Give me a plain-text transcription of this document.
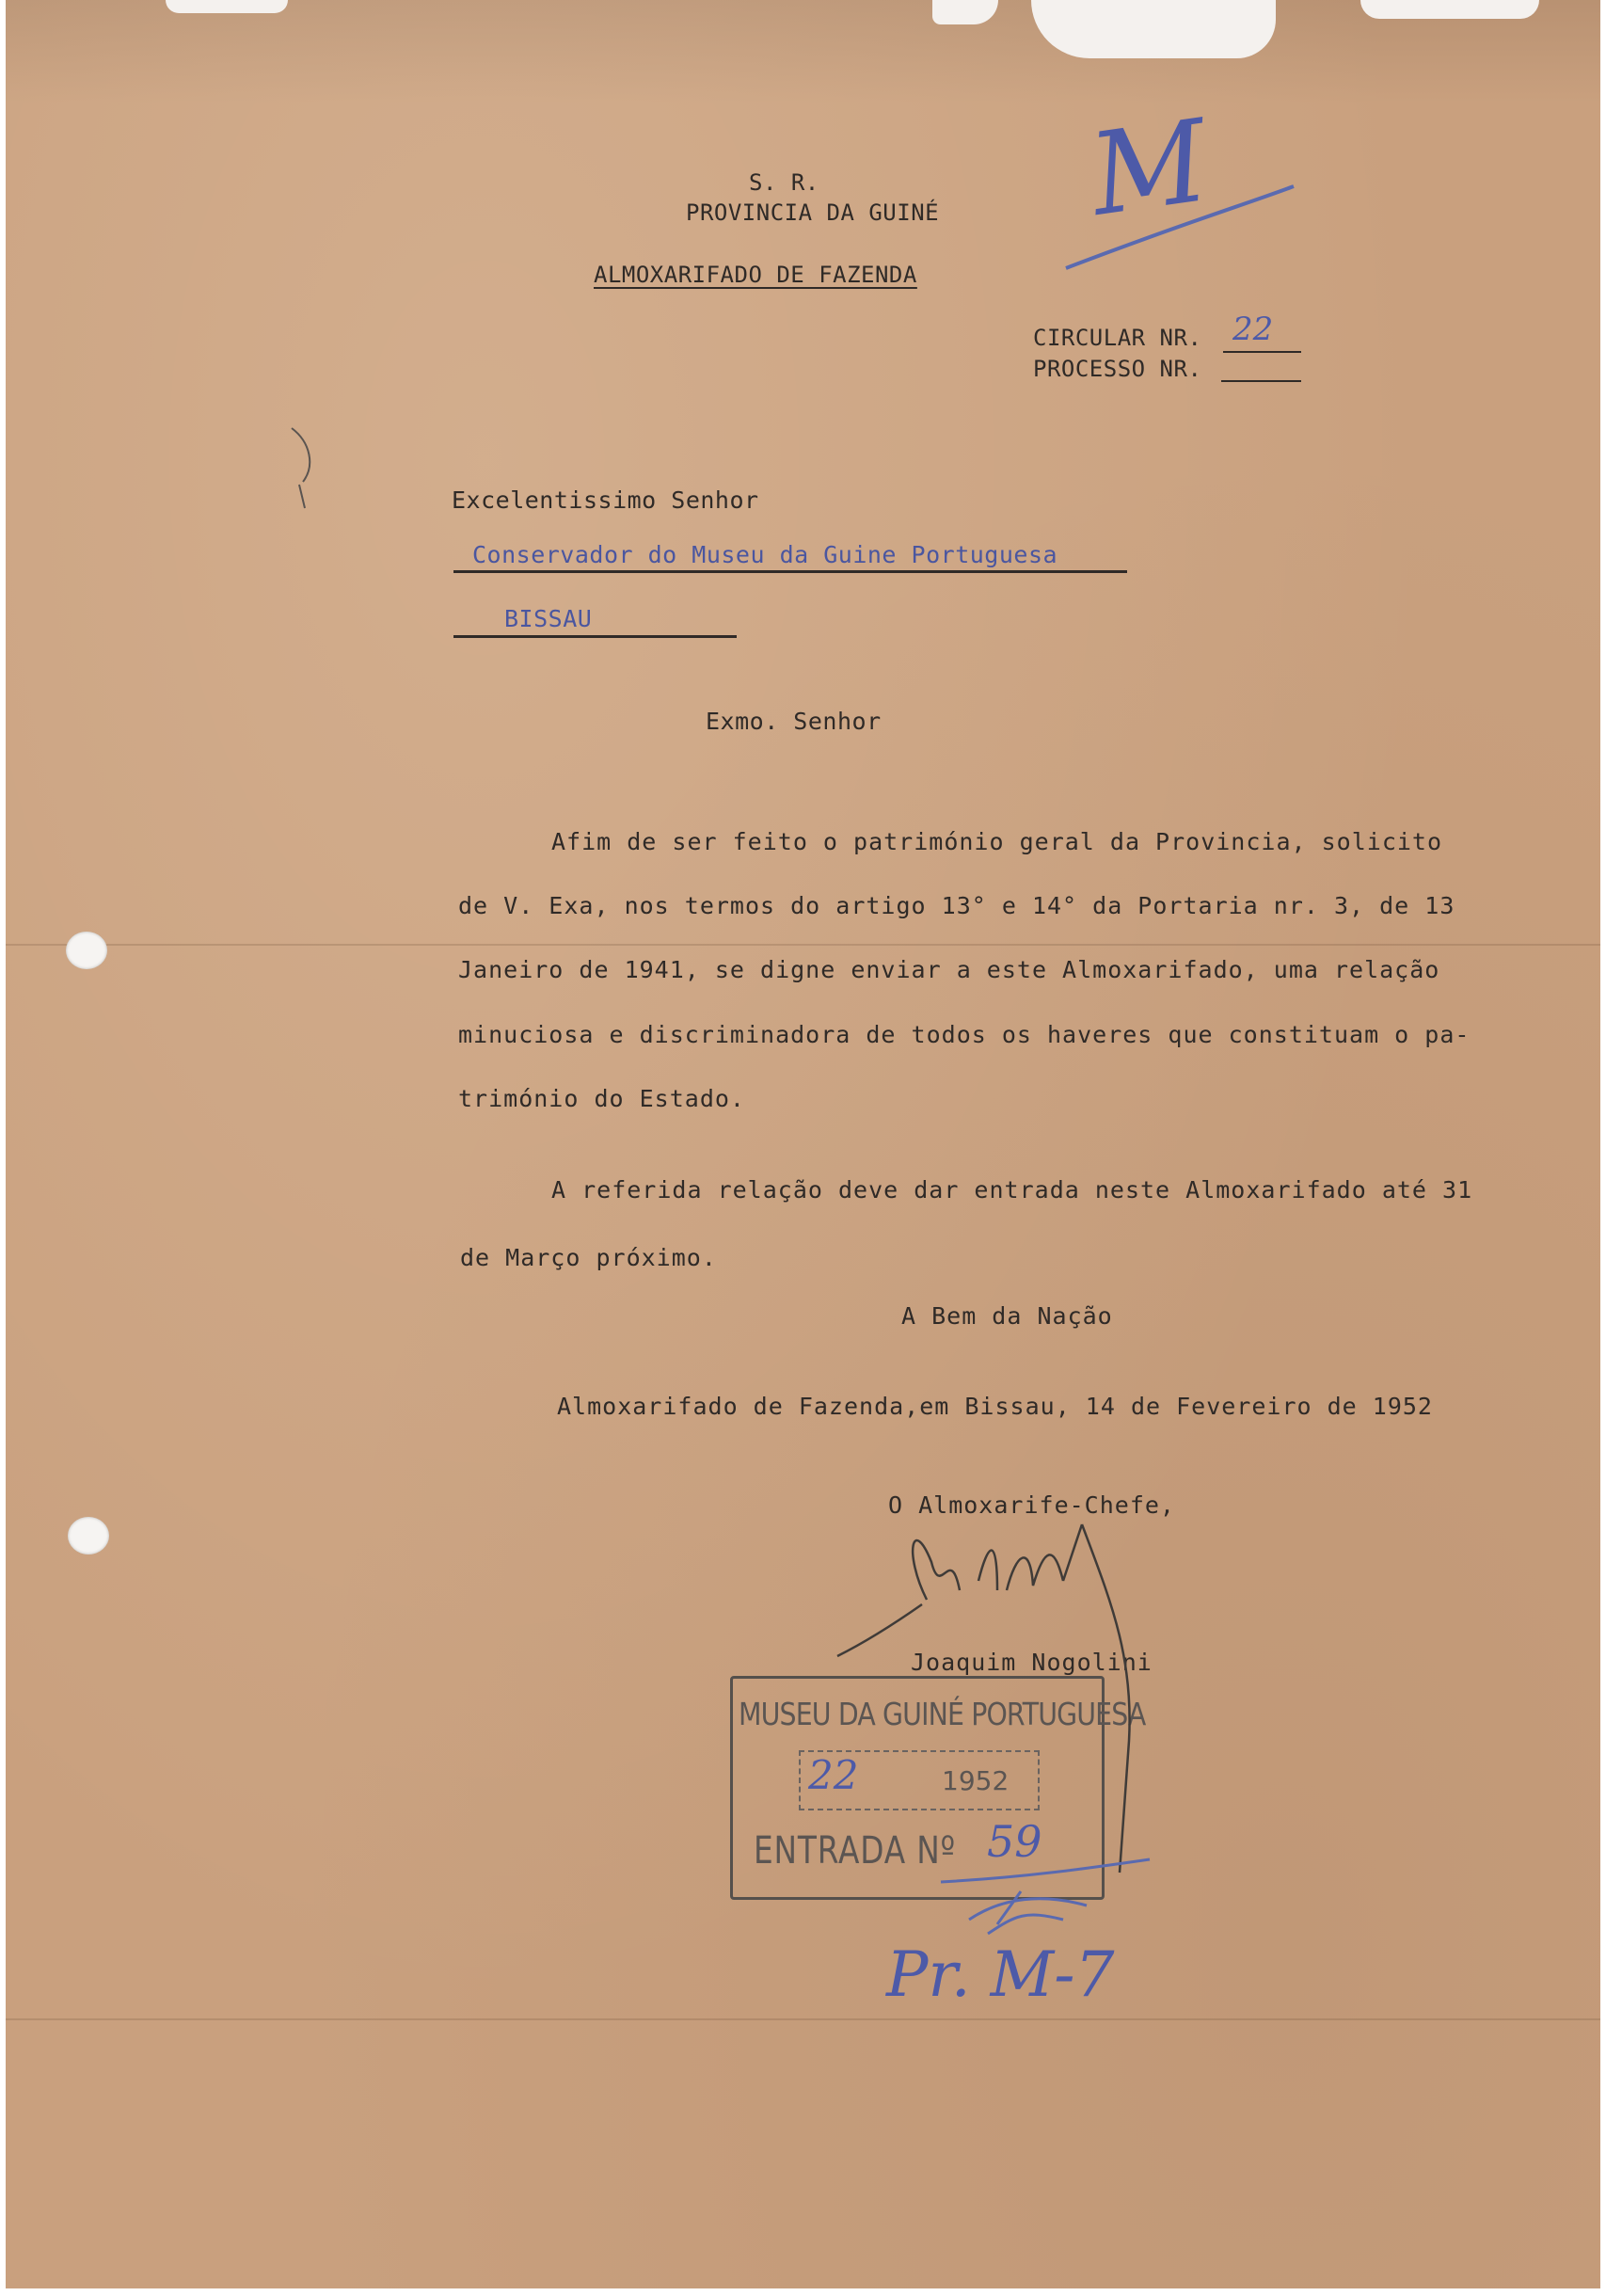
S. R.
PROVINCIA DA GUINÉ
ALMOXARIFADO DE FAZENDA
CIRCULAR NR. 22
PROCESSO NR.
Excelentissimo Senhor
Conservador do Museu da Guine Portuguesa
BISSAU
Exmo. Senhor
Afim de ser feito o património geral da Provincia, solicito
de V. Exa, nos termos do artigo 13° e 14° da Portaria nr. 3, de 13
Janeiro de 1941, se digne enviar a este Almoxarifado, uma relação
minuciosa e discriminadora de todos os haveres que constituam o pa-
trimónio do Estado.
A referida relação deve dar entrada neste Almoxarifado até 31
de Março próximo.
A Bem da Nação
Almoxarifado de Fazenda,em Bissau, 14 de Fevereiro de 1952
O Almoxarife-Chefe,
Joaquim Nogolini
MUSEU DA GUINÉ PORTUGUESA
22	1952
ENTRADA Nº 59
M
Pr. M-7
